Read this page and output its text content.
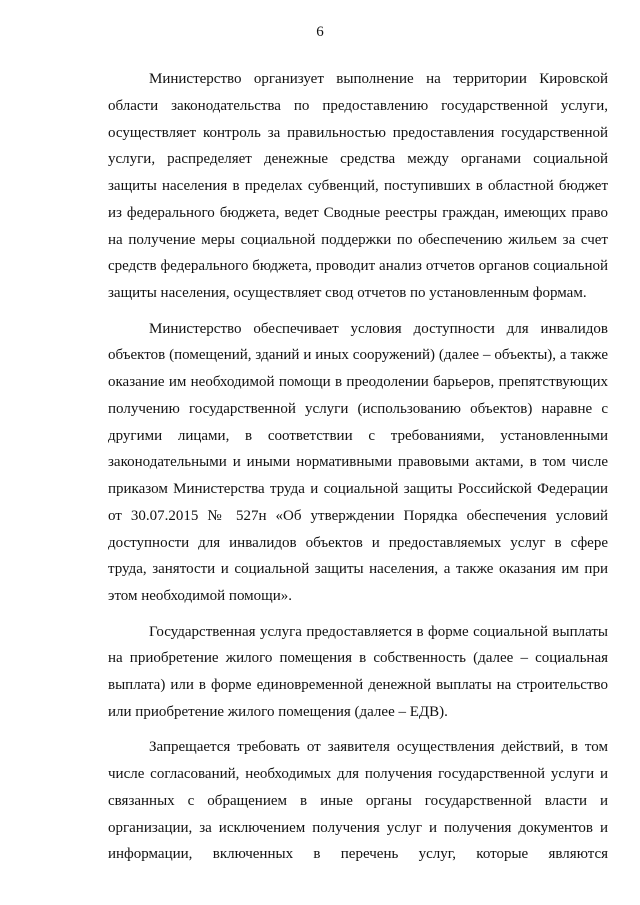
6

Министерство организует выполнение на территории Кировской области законодательства по предоставлению государственной услуги, осуществляет контроль за правильностью предоставления государственной услуги, распределяет денежные средства между органами социальной защиты населения в пределах субвенций, поступивших в областной бюджет из федерального бюджета, ведет Сводные реестры граждан, имеющих право на получение меры социальной поддержки по обеспечению жильем за счет средств федерального бюджета, проводит анализ отчетов органов социальной защиты населения, осуществляет свод отчетов по установленным формам.

Министерство обеспечивает условия доступности для инвалидов объектов (помещений, зданий и иных сооружений) (далее – объекты), а также оказание им необходимой помощи в преодолении барьеров, препятствующих получению государственной услуги (использованию объектов) наравне с другими лицами, в соответствии с требованиями, установленными законодательными и иными нормативными правовыми актами, в том числе приказом Министерства труда и социальной защиты Российской Федерации от 30.07.2015 № 527н «Об утверждении Порядка обеспечения условий доступности для инвалидов объектов и предоставляемых услуг в сфере труда, занятости и социальной защиты населения, а также оказания им при этом необходимой помощи».

Государственная услуга предоставляется в форме социальной выплаты на приобретение жилого помещения в собственность (далее – социальная выплата) или в форме единовременной денежной выплаты на строительство или приобретение жилого помещения (далее – ЕДВ).

Запрещается требовать от заявителя осуществления действий, в том числе согласований, необходимых для получения государственной услуги и связанных с обращением в иные органы государственной власти и организации, за исключением получения услуг и получения документов и информации, включенных в перечень услуг, которые являются
